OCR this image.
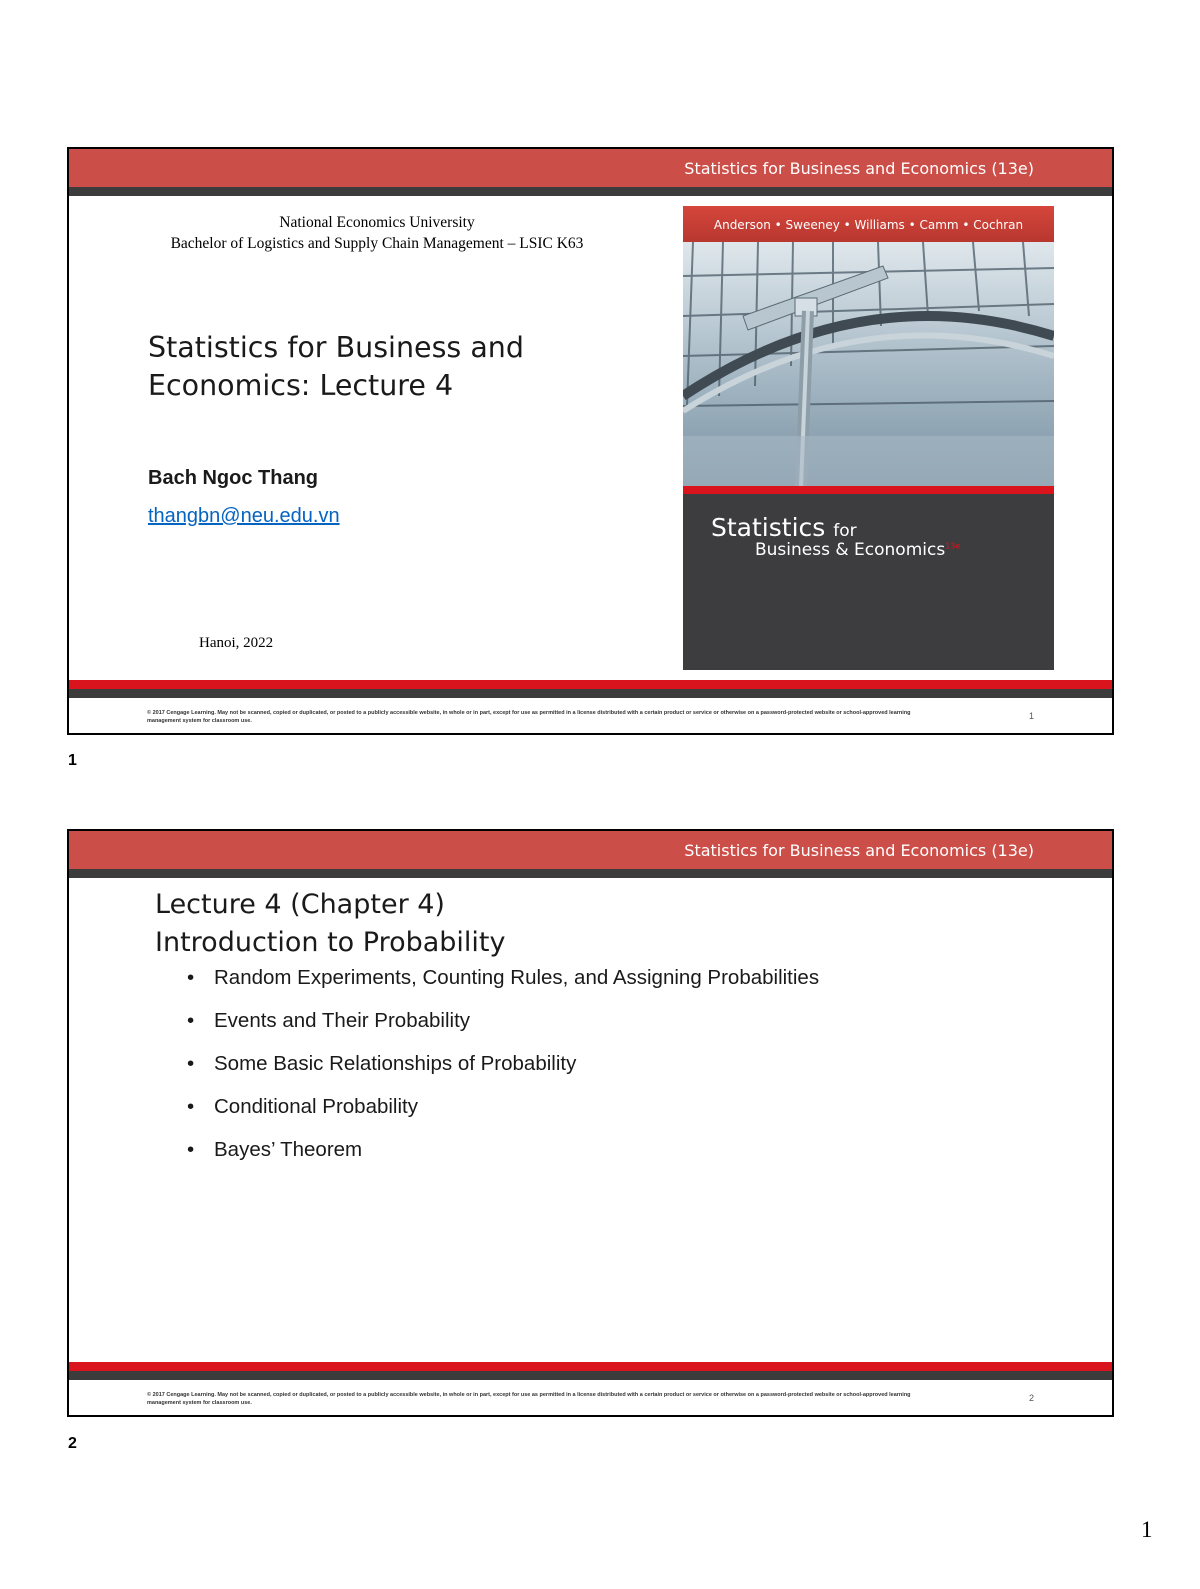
Statistics for Business and Economics (13e)
National Economics University
Bachelor of Logistics and Supply Chain Management – LSIC K63
Statistics for Business and
Economics: Lecture 4
Bach Ngoc Thang
thangbn@neu.edu.vn
Hanoi, 2022
Anderson • Sweeney • Williams • Camm • Cochran
Statistics for
Business & Economics$^{13e}$
© 2017 Cengage Learning. May not be scanned, copied or duplicated, or posted to a publicly accessible website, in whole or in part, except for use as permitted in a license distributed with a certain product or service or otherwise on a password-protected website or school-approved learning management system for classroom use.	1
1
Statistics for Business and Economics (13e)
Lecture 4 (Chapter 4)
Introduction to Probability
• Random Experiments, Counting Rules, and Assigning Probabilities
• Events and Their Probability
• Some Basic Relationships of Probability
• Conditional Probability
• Bayes’ Theorem
© 2017 Cengage Learning. May not be scanned, copied or duplicated, or posted to a publicly accessible website, in whole or in part, except for use as permitted in a license distributed with a certain product or service or otherwise on a password-protected website or school-approved learning management system for classroom use.	2
2
1
